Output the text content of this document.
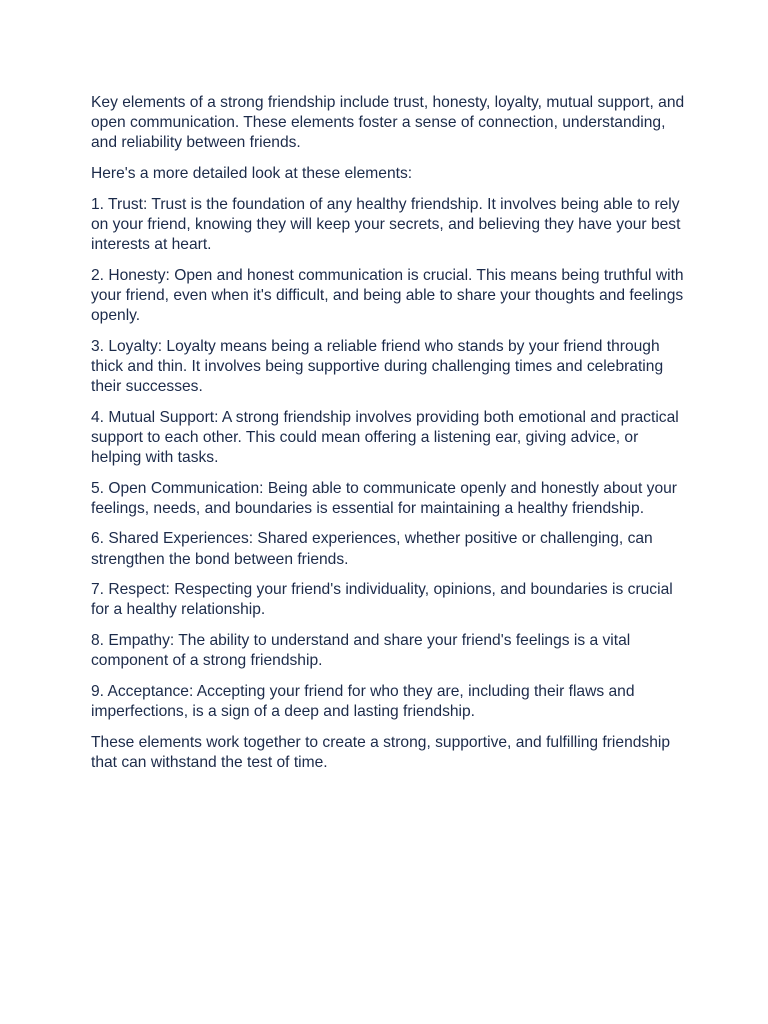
Key elements of a strong friendship include trust, honesty, loyalty, mutual support, and open communication. These elements foster a sense of connection, understanding, and reliability between friends.

Here's a more detailed look at these elements:

1. Trust: Trust is the foundation of any healthy friendship. It involves being able to rely on your friend, knowing they will keep your secrets, and believing they have your best interests at heart.

2. Honesty: Open and honest communication is crucial. This means being truthful with your friend, even when it's difficult, and being able to share your thoughts and feelings openly.

3. Loyalty: Loyalty means being a reliable friend who stands by your friend through thick and thin. It involves being supportive during challenging times and celebrating their successes.

4. Mutual Support: A strong friendship involves providing both emotional and practical support to each other. This could mean offering a listening ear, giving advice, or helping with tasks.

5. Open Communication: Being able to communicate openly and honestly about your feelings, needs, and boundaries is essential for maintaining a healthy friendship.

6. Shared Experiences: Shared experiences, whether positive or challenging, can strengthen the bond between friends.

7. Respect: Respecting your friend's individuality, opinions, and boundaries is crucial for a healthy relationship.

8. Empathy: The ability to understand and share your friend's feelings is a vital component of a strong friendship.

9. Acceptance: Accepting your friend for who they are, including their flaws and imperfections, is a sign of a deep and lasting friendship.

These elements work together to create a strong, supportive, and fulfilling friendship that can withstand the test of time.
